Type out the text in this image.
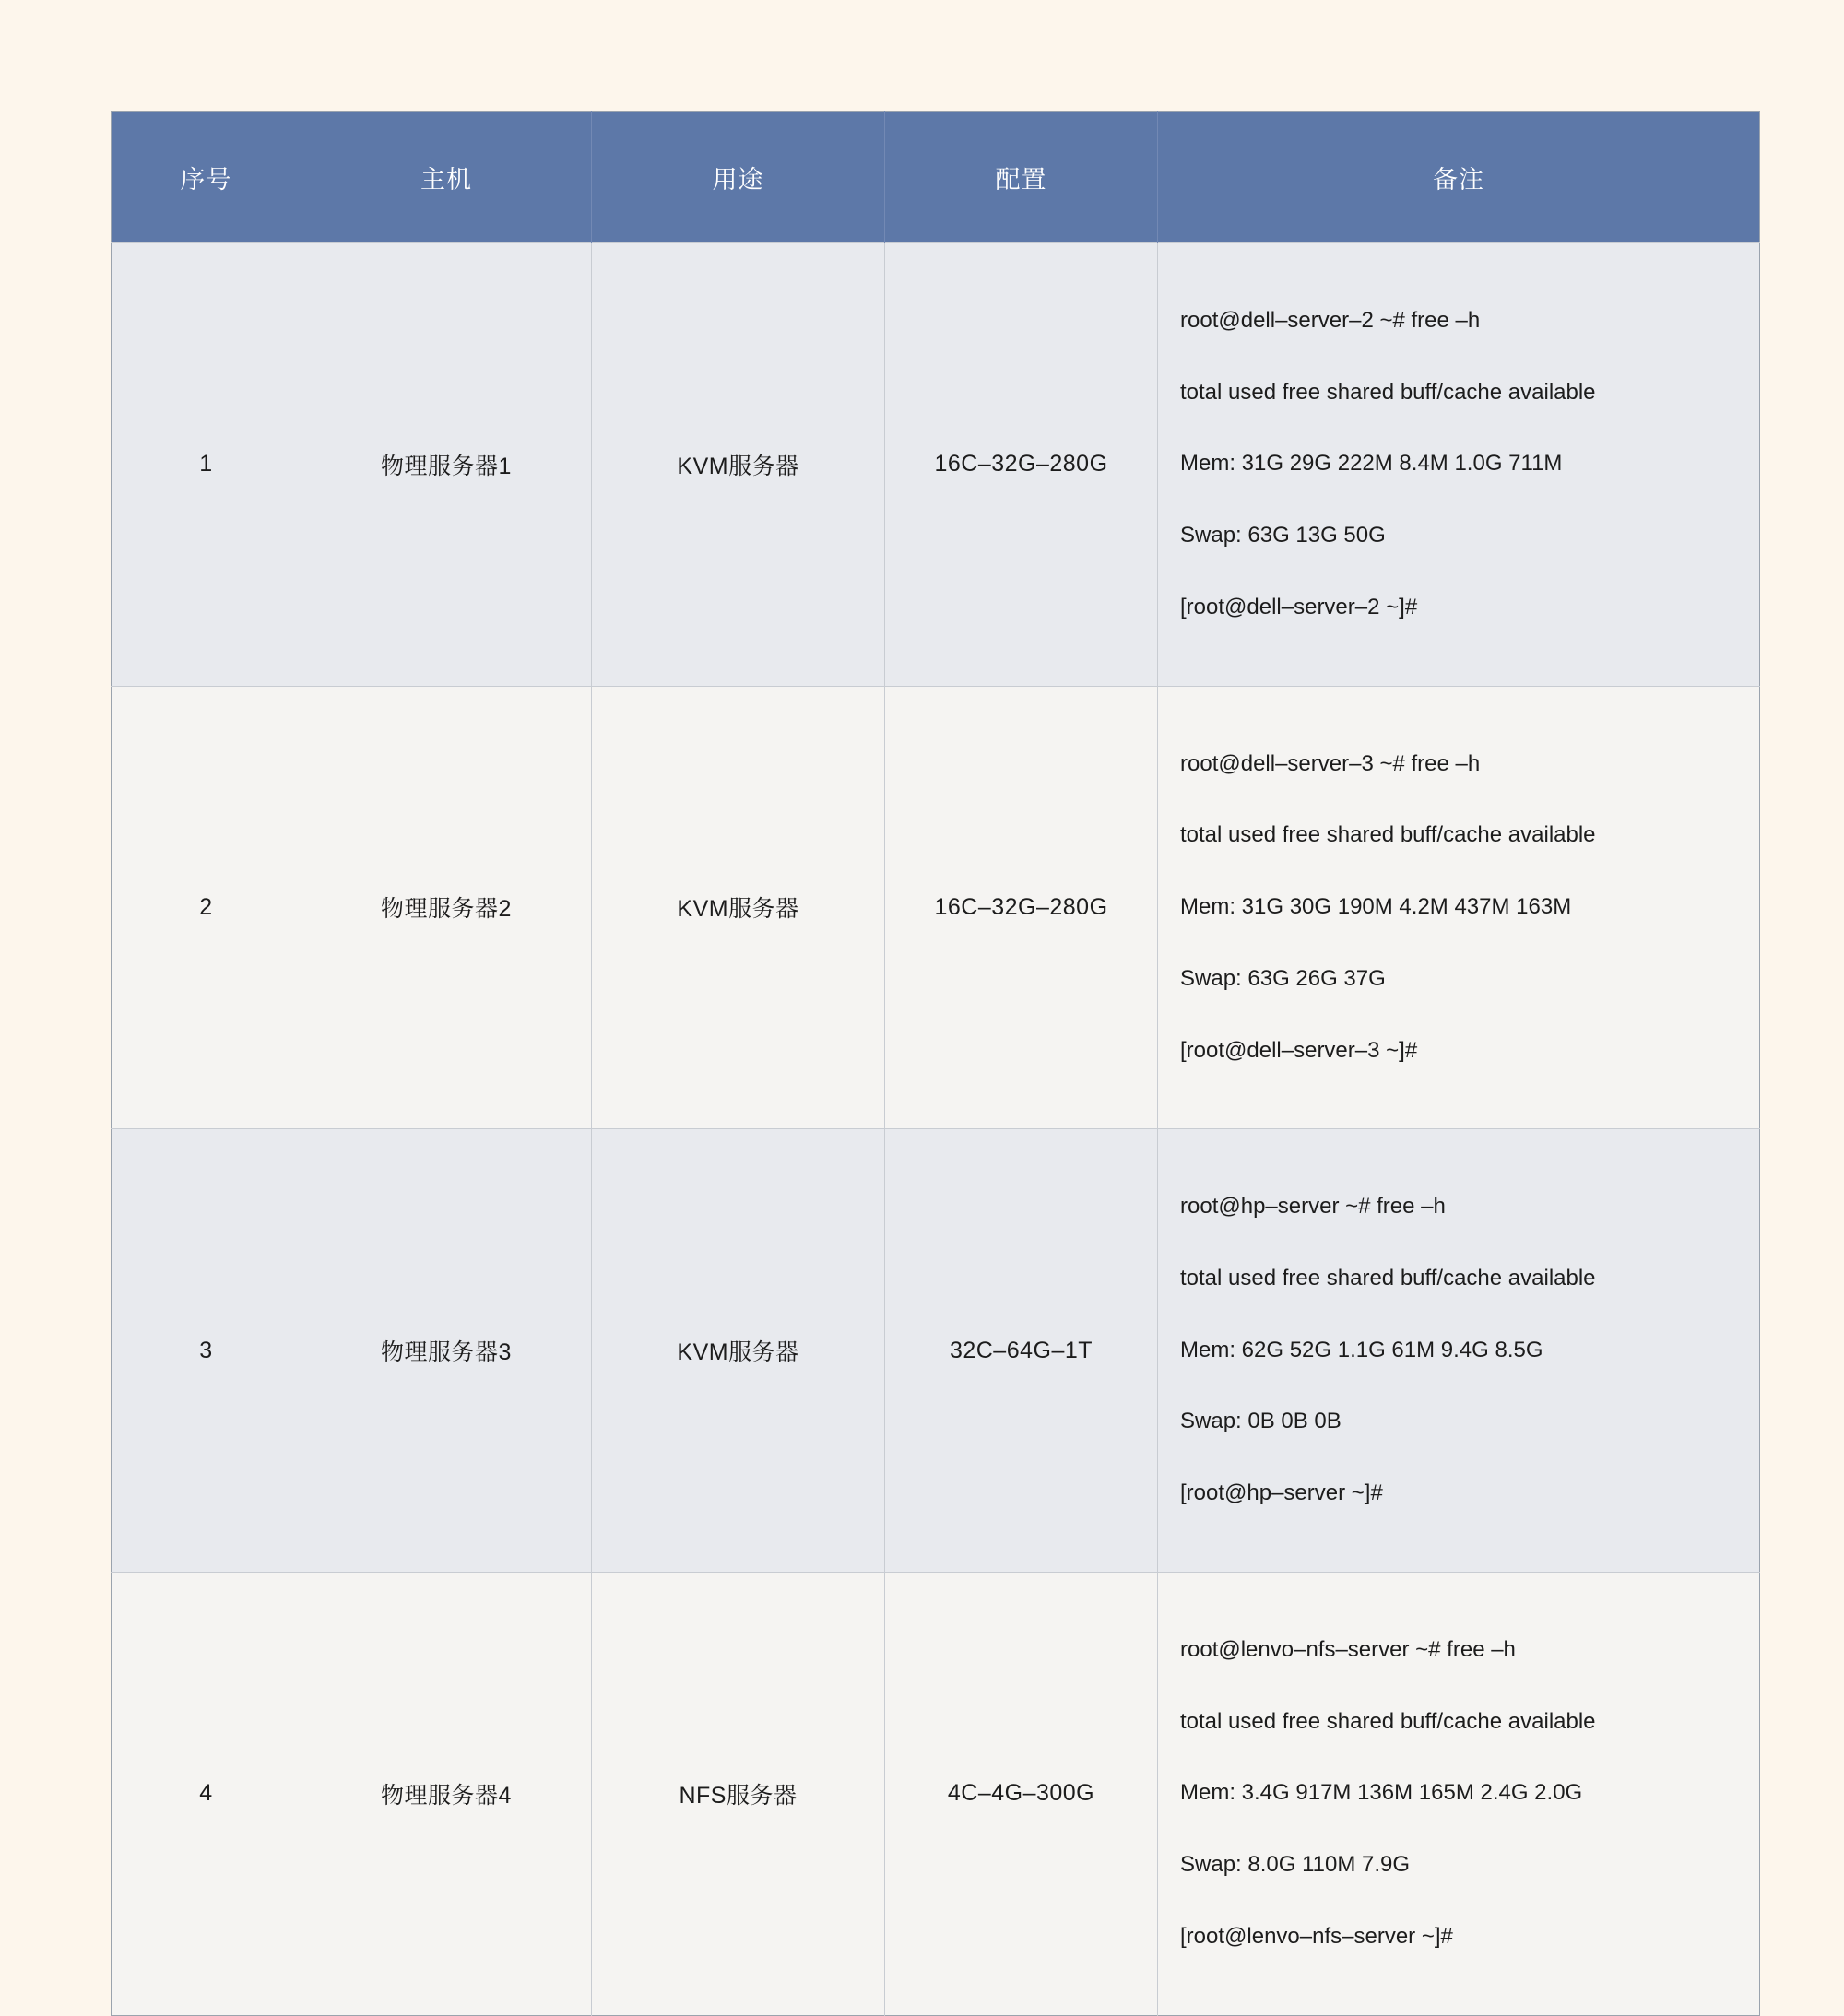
序号	主机	用途	配置	备注
1	物理服务器1	KVM服务器	16C–32G–280G	root@dell–server–2 ~# free –h

total used free shared buff/cache available

Mem: 31G 29G 222M 8.4M 1.0G 711M

Swap: 63G 13G 50G

[root@dell–server–2 ~]#

2	物理服务器2	KVM服务器	16C–32G–280G	root@dell–server–3 ~# free –h

total used free shared buff/cache available

Mem: 31G 30G 190M 4.2M 437M 163M

Swap: 63G 26G 37G

[root@dell–server–3 ~]#

3	物理服务器3	KVM服务器	32C–64G–1T	root@hp–server ~# free –h

total used free shared buff/cache available

Mem: 62G 52G 1.1G 61M 9.4G 8.5G

Swap: 0B 0B 0B

[root@hp–server ~]#

4	物理服务器4	NFS服务器	4C–4G–300G	root@lenvo–nfs–server ~# free –h

total used free shared buff/cache available

Mem: 3.4G 917M 136M 165M 2.4G 2.0G

Swap: 8.0G 110M 7.9G

[root@lenvo–nfs–server ~]#
